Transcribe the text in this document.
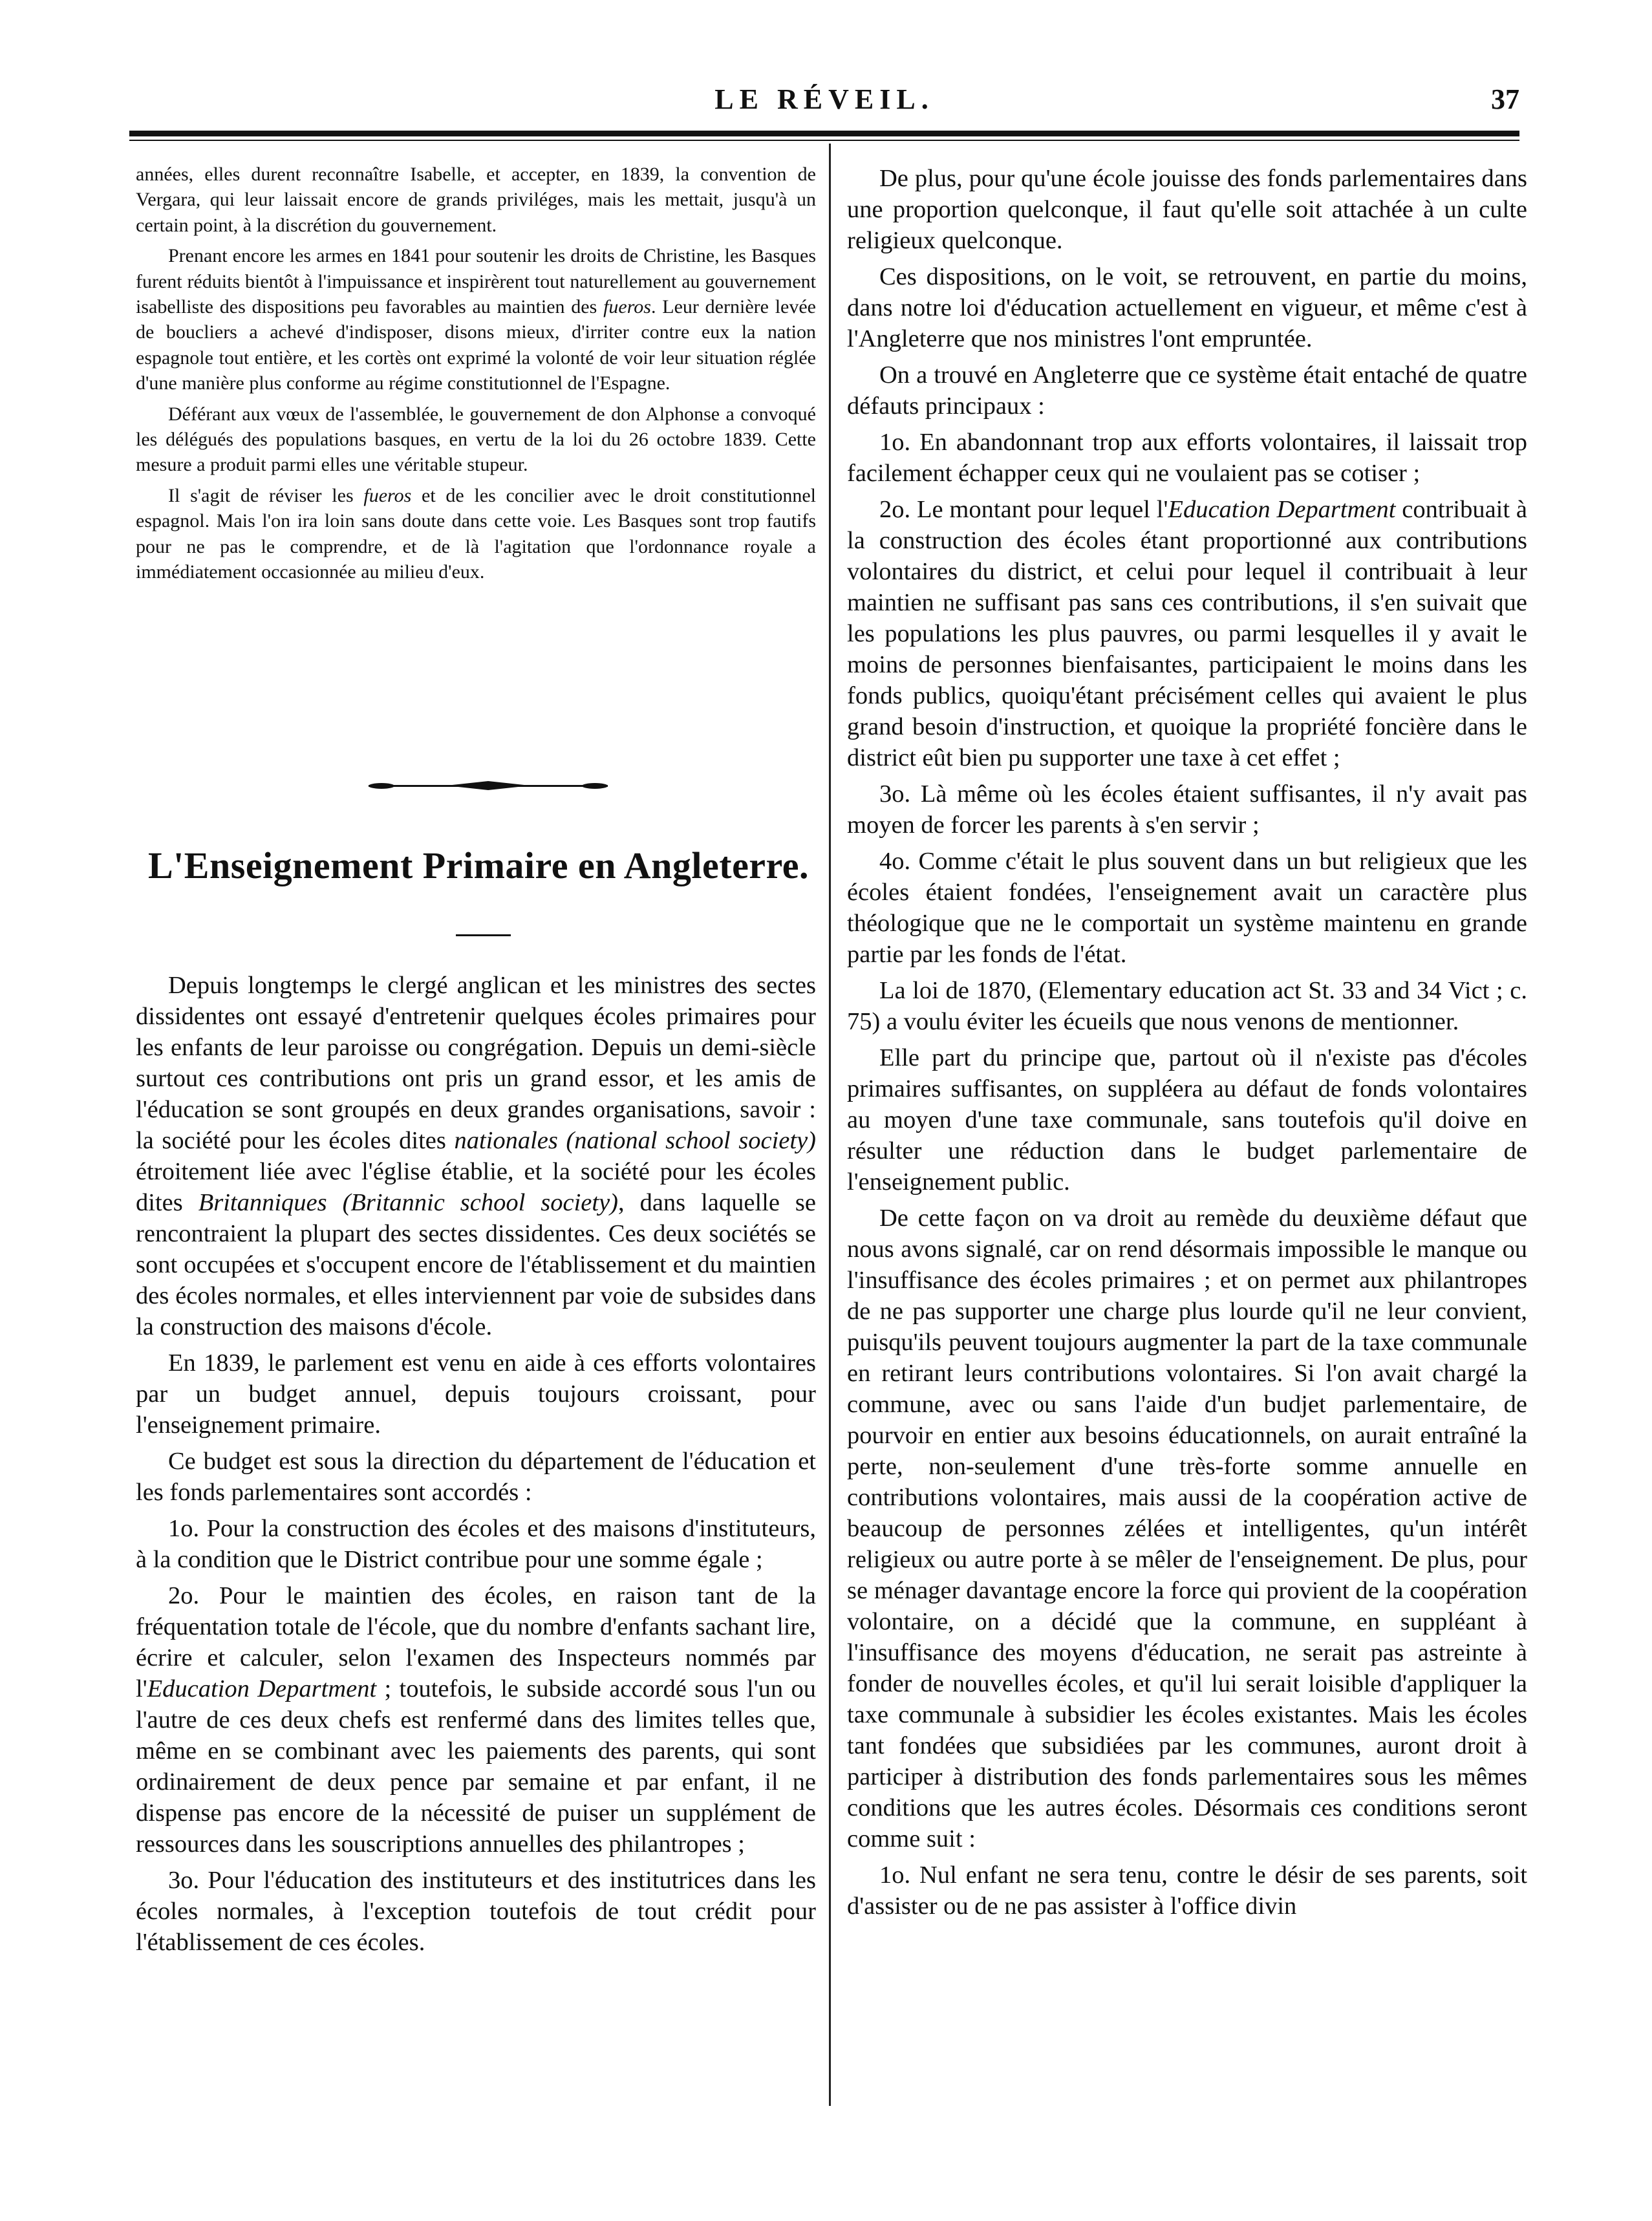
LE RÉVEIL.	37

années, elles durent reconnaître Isabelle, et accepter, en 1839, la convention de Vergara, qui leur laissait encore de grands priviléges, mais les mettait, jusqu'à un certain point, à la discrétion du gouvernement.

Prenant encore les armes en 1841 pour soutenir les droits de Christine, les Basques furent réduits bientôt à l'impuissance et inspirèrent tout naturellement au gouvernement isabelliste des dispositions peu favorables au maintien des fueros. Leur dernière levée de boucliers a achevé d'indisposer, disons mieux, d'irriter contre eux la nation espagnole tout entière, et les cortès ont exprimé la volonté de voir leur situation réglée d'une manière plus conforme au régime constitutionnel de l'Espagne.

Déférant aux vœux de l'assemblée, le gouvernement de don Alphonse a convoqué les délégués des populations basques, en vertu de la loi du 26 octobre 1839. Cette mesure a produit parmi elles une véritable stupeur.

Il s'agit de réviser les fueros et de les concilier avec le droit constitutionnel espagnol. Mais l'on ira loin sans doute dans cette voie. Les Basques sont trop fautifs pour ne pas le comprendre, et de là l'agitation que l'ordonnance royale a immédiatement occasionnée au milieu d'eux.

L'Enseignement Primaire en Angleterre.

Depuis longtemps le clergé anglican et les ministres des sectes dissidentes ont essayé d'entretenir quelques écoles primaires pour les enfants de leur paroisse ou congrégation. Depuis un demi-siècle surtout ces contributions ont pris un grand essor, et les amis de l'éducation se sont groupés en deux grandes organisations, savoir : la société pour les écoles dites nationales (national school society) étroitement liée avec l'église établie, et la société pour les écoles dites Britanniques (Britannic school society), dans laquelle se rencontraient la plupart des sectes dissidentes. Ces deux sociétés se sont occupées et s'occupent encore de l'établissement et du maintien des écoles normales, et elles interviennent par voie de subsides dans la construction des maisons d'école.

En 1839, le parlement est venu en aide à ces efforts volontaires par un budget annuel, depuis toujours croissant, pour l'enseignement primaire.

Ce budget est sous la direction du département de l'éducation et les fonds parlementaires sont accordés :

1o. Pour la construction des écoles et des maisons d'instituteurs, à la condition que le District contribue pour une somme égale ;

2o. Pour le maintien des écoles, en raison tant de la fréquentation totale de l'école, que du nombre d'enfants sachant lire, écrire et calculer, selon l'examen des Inspecteurs nommés par l'Education Department ; toutefois, le subside accordé sous l'un ou l'autre de ces deux chefs est renfermé dans des limites telles que, même en se combinant avec les paiements des parents, qui sont ordinairement de deux pence par semaine et par enfant, il ne dispense pas encore de la nécessité de puiser un supplément de ressources dans les souscriptions annuelles des philantropes ;

3o. Pour l'éducation des instituteurs et des institutrices dans les écoles normales, à l'exception toutefois de tout crédit pour l'établissement de ces écoles.

De plus, pour qu'une école jouisse des fonds parlementaires dans une proportion quelconque, il faut qu'elle soit attachée à un culte religieux quelconque.

Ces dispositions, on le voit, se retrouvent, en partie du moins, dans notre loi d'éducation actuellement en vigueur, et même c'est à l'Angleterre que nos ministres l'ont empruntée.

On a trouvé en Angleterre que ce système était entaché de quatre défauts principaux :

1o. En abandonnant trop aux efforts volontaires, il laissait trop facilement échapper ceux qui ne voulaient pas se cotiser ;

2o. Le montant pour lequel l'Education Department contribuait à la construction des écoles étant proportionné aux contributions volontaires du district, et celui pour lequel il contribuait à leur maintien ne suffisant pas sans ces contributions, il s'en suivait que les populations les plus pauvres, ou parmi lesquelles il y avait le moins de personnes bienfaisantes, participaient le moins dans les fonds publics, quoiqu'étant précisément celles qui avaient le plus grand besoin d'instruction, et quoique la propriété foncière dans le district eût bien pu supporter une taxe à cet effet ;

3o. Là même où les écoles étaient suffisantes, il n'y avait pas moyen de forcer les parents à s'en servir ;

4o. Comme c'était le plus souvent dans un but religieux que les écoles étaient fondées, l'enseignement avait un caractère plus théologique que ne le comportait un système maintenu en grande partie par les fonds de l'état.

La loi de 1870, (Elementary education act St. 33 and 34 Vict ; c. 75) a voulu éviter les écueils que nous venons de mentionner.

Elle part du principe que, partout où il n'existe pas d'écoles primaires suffisantes, on suppléera au défaut de fonds volontaires au moyen d'une taxe communale, sans toutefois qu'il doive en résulter une réduction dans le budget parlementaire de l'enseignement public.

De cette façon on va droit au remède du deuxième défaut que nous avons signalé, car on rend désormais impossible le manque ou l'insuffisance des écoles primaires ; et on permet aux philantropes de ne pas supporter une charge plus lourde qu'il ne leur convient, puisqu'ils peuvent toujours augmenter la part de la taxe communale en retirant leurs contributions volontaires. Si l'on avait chargé la commune, avec ou sans l'aide d'un budjet parlementaire, de pourvoir en entier aux besoins éducationnels, on aurait entraîné la perte, non-seulement d'une très-forte somme annuelle en contributions volontaires, mais aussi de la coopération active de beaucoup de personnes zélées et intelligentes, qu'un intérêt religieux ou autre porte à se mêler de l'enseignement. De plus, pour se ménager davantage encore la force qui provient de la coopération volontaire, on a décidé que la commune, en suppléant à l'insuffisance des moyens d'éducation, ne serait pas astreinte à fonder de nouvelles écoles, et qu'il lui serait loisible d'appliquer la taxe communale à subsidier les écoles existantes. Mais les écoles tant fondées que subsidiées par les communes, auront droit à participer à distribution des fonds parlementaires sous les mêmes conditions que les autres écoles. Désormais ces conditions seront comme suit :

1o. Nul enfant ne sera tenu, contre le désir de ses parents, soit d'assister ou de ne pas assister à l'office divin
